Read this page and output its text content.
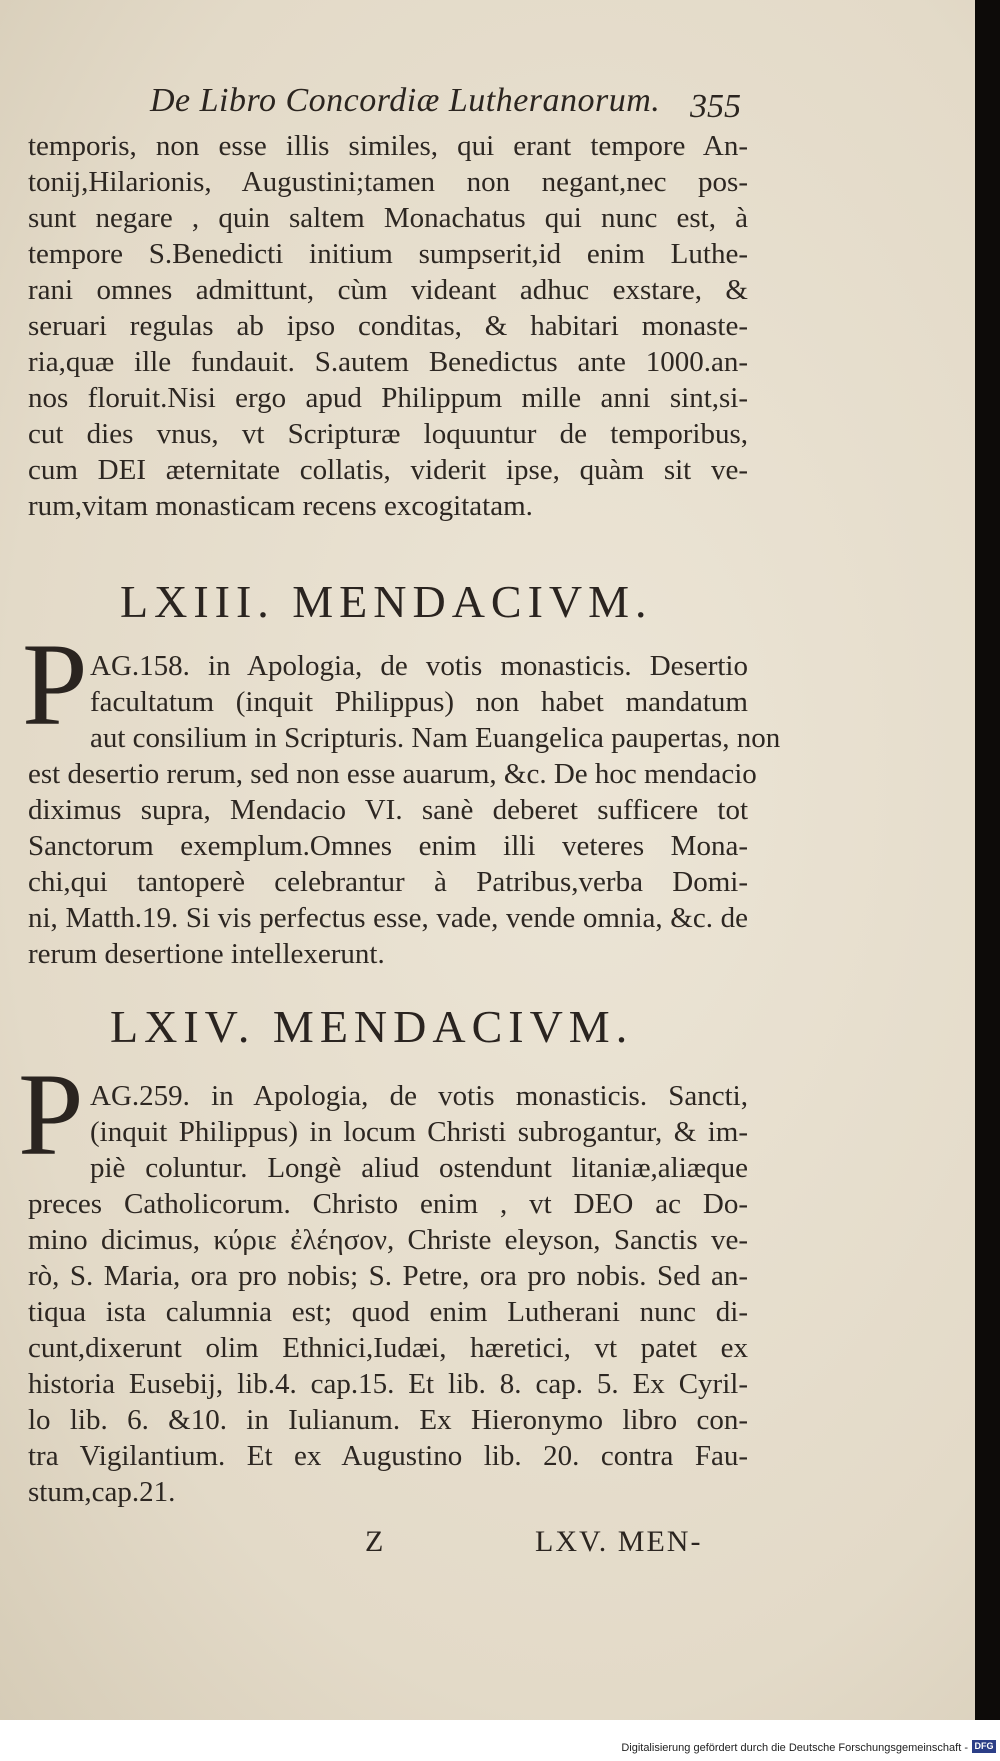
De Libro Concordiæ Lutheranorum. 355
temporis, non esse illis similes, qui erant tempore An-
tonij,Hilarionis, Augustini;tamen non negant,nec pos-
sunt negare , quin saltem Monachatus qui nunc est, à
tempore S.Benedicti initium sumpserit,id enim Luthe-
rani omnes admittunt, cùm videant adhuc exstare, &
seruari regulas ab ipso conditas, & habitari monaste-
ria,quæ ille fundauit. S.autem Benedictus ante 1000.an-
nos floruit.Nisi ergo apud Philippum mille anni sint,si-
cut dies vnus, vt Scripturæ loquuntur de temporibus,
cum DEI æternitate collatis, viderit ipse, quàm sit ve-
rum,vitam monasticam recens excogitatam.
LXIII. MENDACIVM.
P AG.158. in Apologia, de votis monasticis. Desertio
facultatum (inquit Philippus) non habet mandatum
aut consilium in Scripturis. Nam Euangelica paupertas, non
est desertio rerum, sed non esse auarum, &c. De hoc mendacio
diximus supra, Mendacio VI. sanè deberet sufficere tot
Sanctorum exemplum.Omnes enim illi veteres Mona-
chi,qui tantoperè celebrantur à Patribus,verba Domi-
ni, Matth.19. Si vis perfectus esse, vade, vende omnia, &c. de
rerum desertione intellexerunt.
LXIV. MENDACIVM.
P AG.259. in Apologia, de votis monasticis. Sancti,
(inquit Philippus) in locum Christi subrogantur, & im-
piè coluntur. Longè aliud ostendunt litaniæ,aliæque
preces Catholicorum. Christo enim , vt DEO ac Do-
mino dicimus, κύριε ἐλέησον, Christe eleyson, Sanctis ve-
rò, S. Maria, ora pro nobis; S. Petre, ora pro nobis. Sed an-
tiqua ista calumnia est; quod enim Lutherani nunc di-
cunt,dixerunt olim Ethnici,Iudæi, hæretici, vt patet ex
historia Eusebij, lib.4. cap.15. Et lib. 8. cap. 5. Ex Cyril-
lo lib. 6. &10. in Iulianum. Ex Hieronymo libro con-
tra Vigilantium. Et ex Augustino lib. 20. contra Fau-
stum,cap.21.
Z	LXV. MEN-
Digitalisierung gefördert durch die Deutsche Forschungsgemeinschaft - DFG
